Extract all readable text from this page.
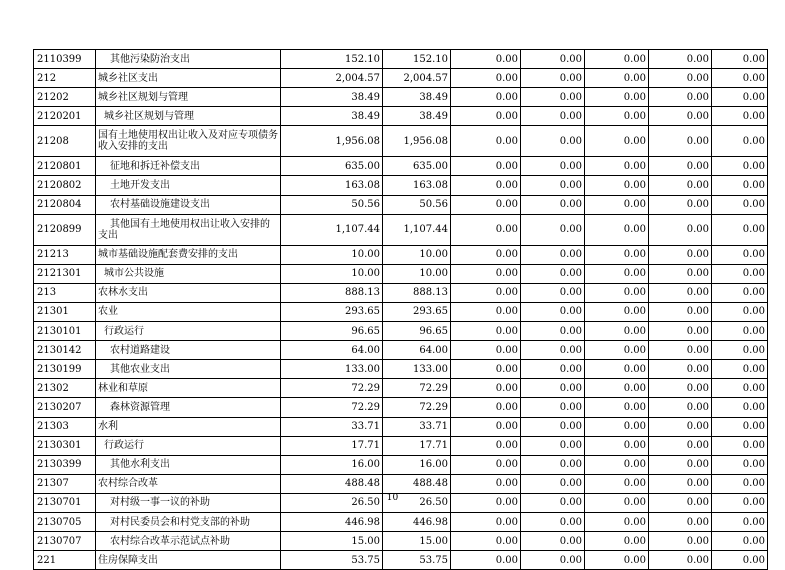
2110399	其他污染防治支出	152.10	152.10	0.00	0.00	0.00	0.00	0.00
212	城乡社区支出	2,004.57	2,004.57	0.00	0.00	0.00	0.00	0.00
21202	城乡社区规划与管理	38.49	38.49	0.00	0.00	0.00	0.00	0.00
2120201	城乡社区规划与管理	38.49	38.49	0.00	0.00	0.00	0.00	0.00
21208	国有土地使用权出让收入及对应专项债务收入安排的支出	1,956.08	1,956.08	0.00	0.00	0.00	0.00	0.00
2120801	征地和拆迁补偿支出	635.00	635.00	0.00	0.00	0.00	0.00	0.00
2120802	土地开发支出	163.08	163.08	0.00	0.00	0.00	0.00	0.00
2120804	农村基础设施建设支出	50.56	50.56	0.00	0.00	0.00	0.00	0.00
2120899	其他国有土地使用权出让收入安排的支出	1,107.44	1,107.44	0.00	0.00	0.00	0.00	0.00
21213	城市基础设施配套费安排的支出	10.00	10.00	0.00	0.00	0.00	0.00	0.00
2121301	城市公共设施	10.00	10.00	0.00	0.00	0.00	0.00	0.00
213	农林水支出	888.13	888.13	0.00	0.00	0.00	0.00	0.00
21301	农业	293.65	293.65	0.00	0.00	0.00	0.00	0.00
2130101	行政运行	96.65	96.65	0.00	0.00	0.00	0.00	0.00
2130142	农村道路建设	64.00	64.00	0.00	0.00	0.00	0.00	0.00
2130199	其他农业支出	133.00	133.00	0.00	0.00	0.00	0.00	0.00
21302	林业和草原	72.29	72.29	0.00	0.00	0.00	0.00	0.00
2130207	森林资源管理	72.29	72.29	0.00	0.00	0.00	0.00	0.00
21303	水利	33.71	33.71	0.00	0.00	0.00	0.00	0.00
2130301	行政运行	17.71	17.71	0.00	0.00	0.00	0.00	0.00
2130399	其他水利支出	16.00	16.00	0.00	0.00	0.00	0.00	0.00
21307	农村综合改革	488.48	488.48	0.00	0.00	0.00	0.00	0.00
2130701	对村级一事一议的补助	26.50	26.50	0.00	0.00	0.00	0.00	0.00
2130705	对村民委员会和村党支部的补助	446.98	446.98	0.00	0.00	0.00	0.00	0.00
2130707	农村综合改革示范试点补助	15.00	15.00	0.00	0.00	0.00	0.00	0.00
221	住房保障支出	53.75	53.75	0.00	0.00	0.00	0.00	0.00
10
